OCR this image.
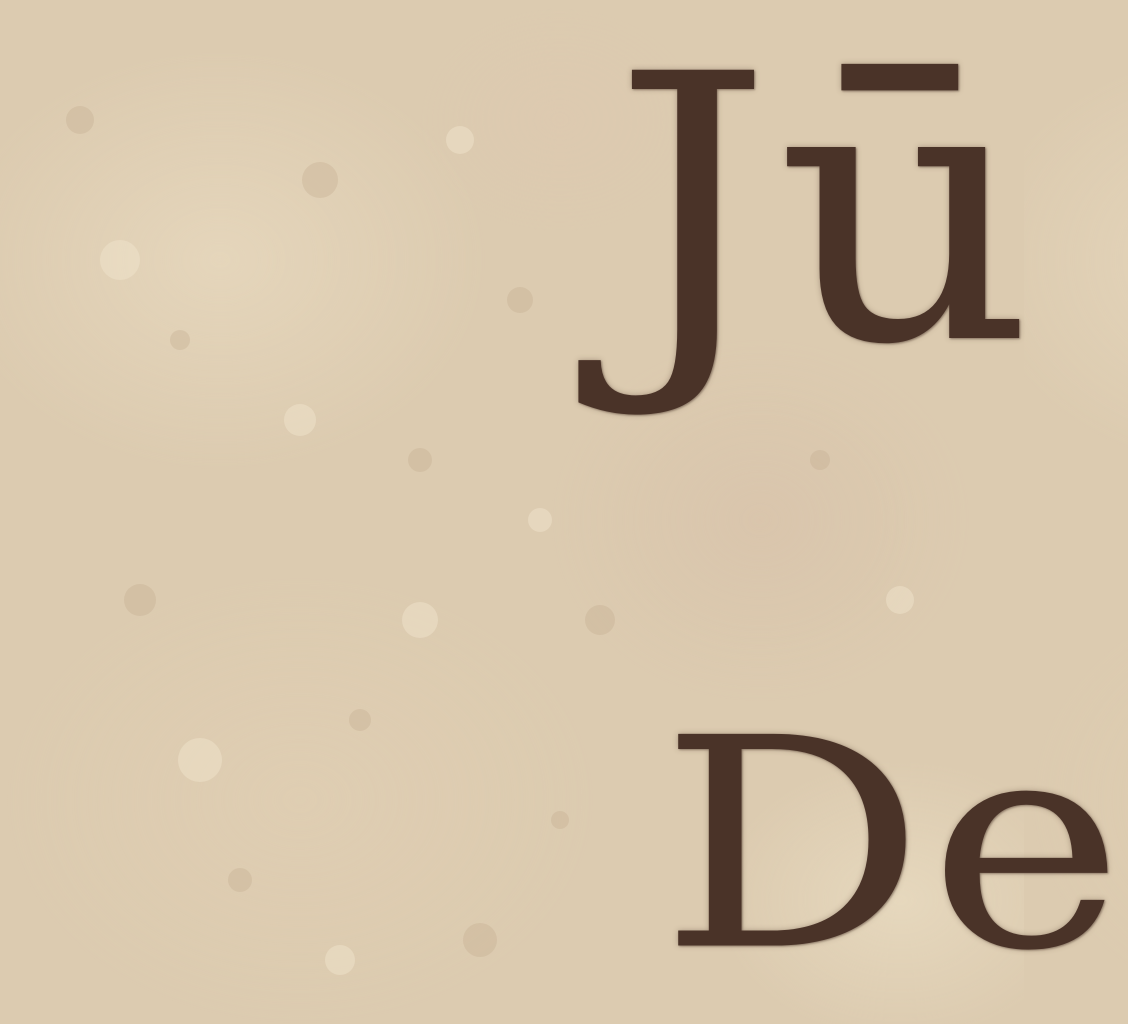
Jū
De
